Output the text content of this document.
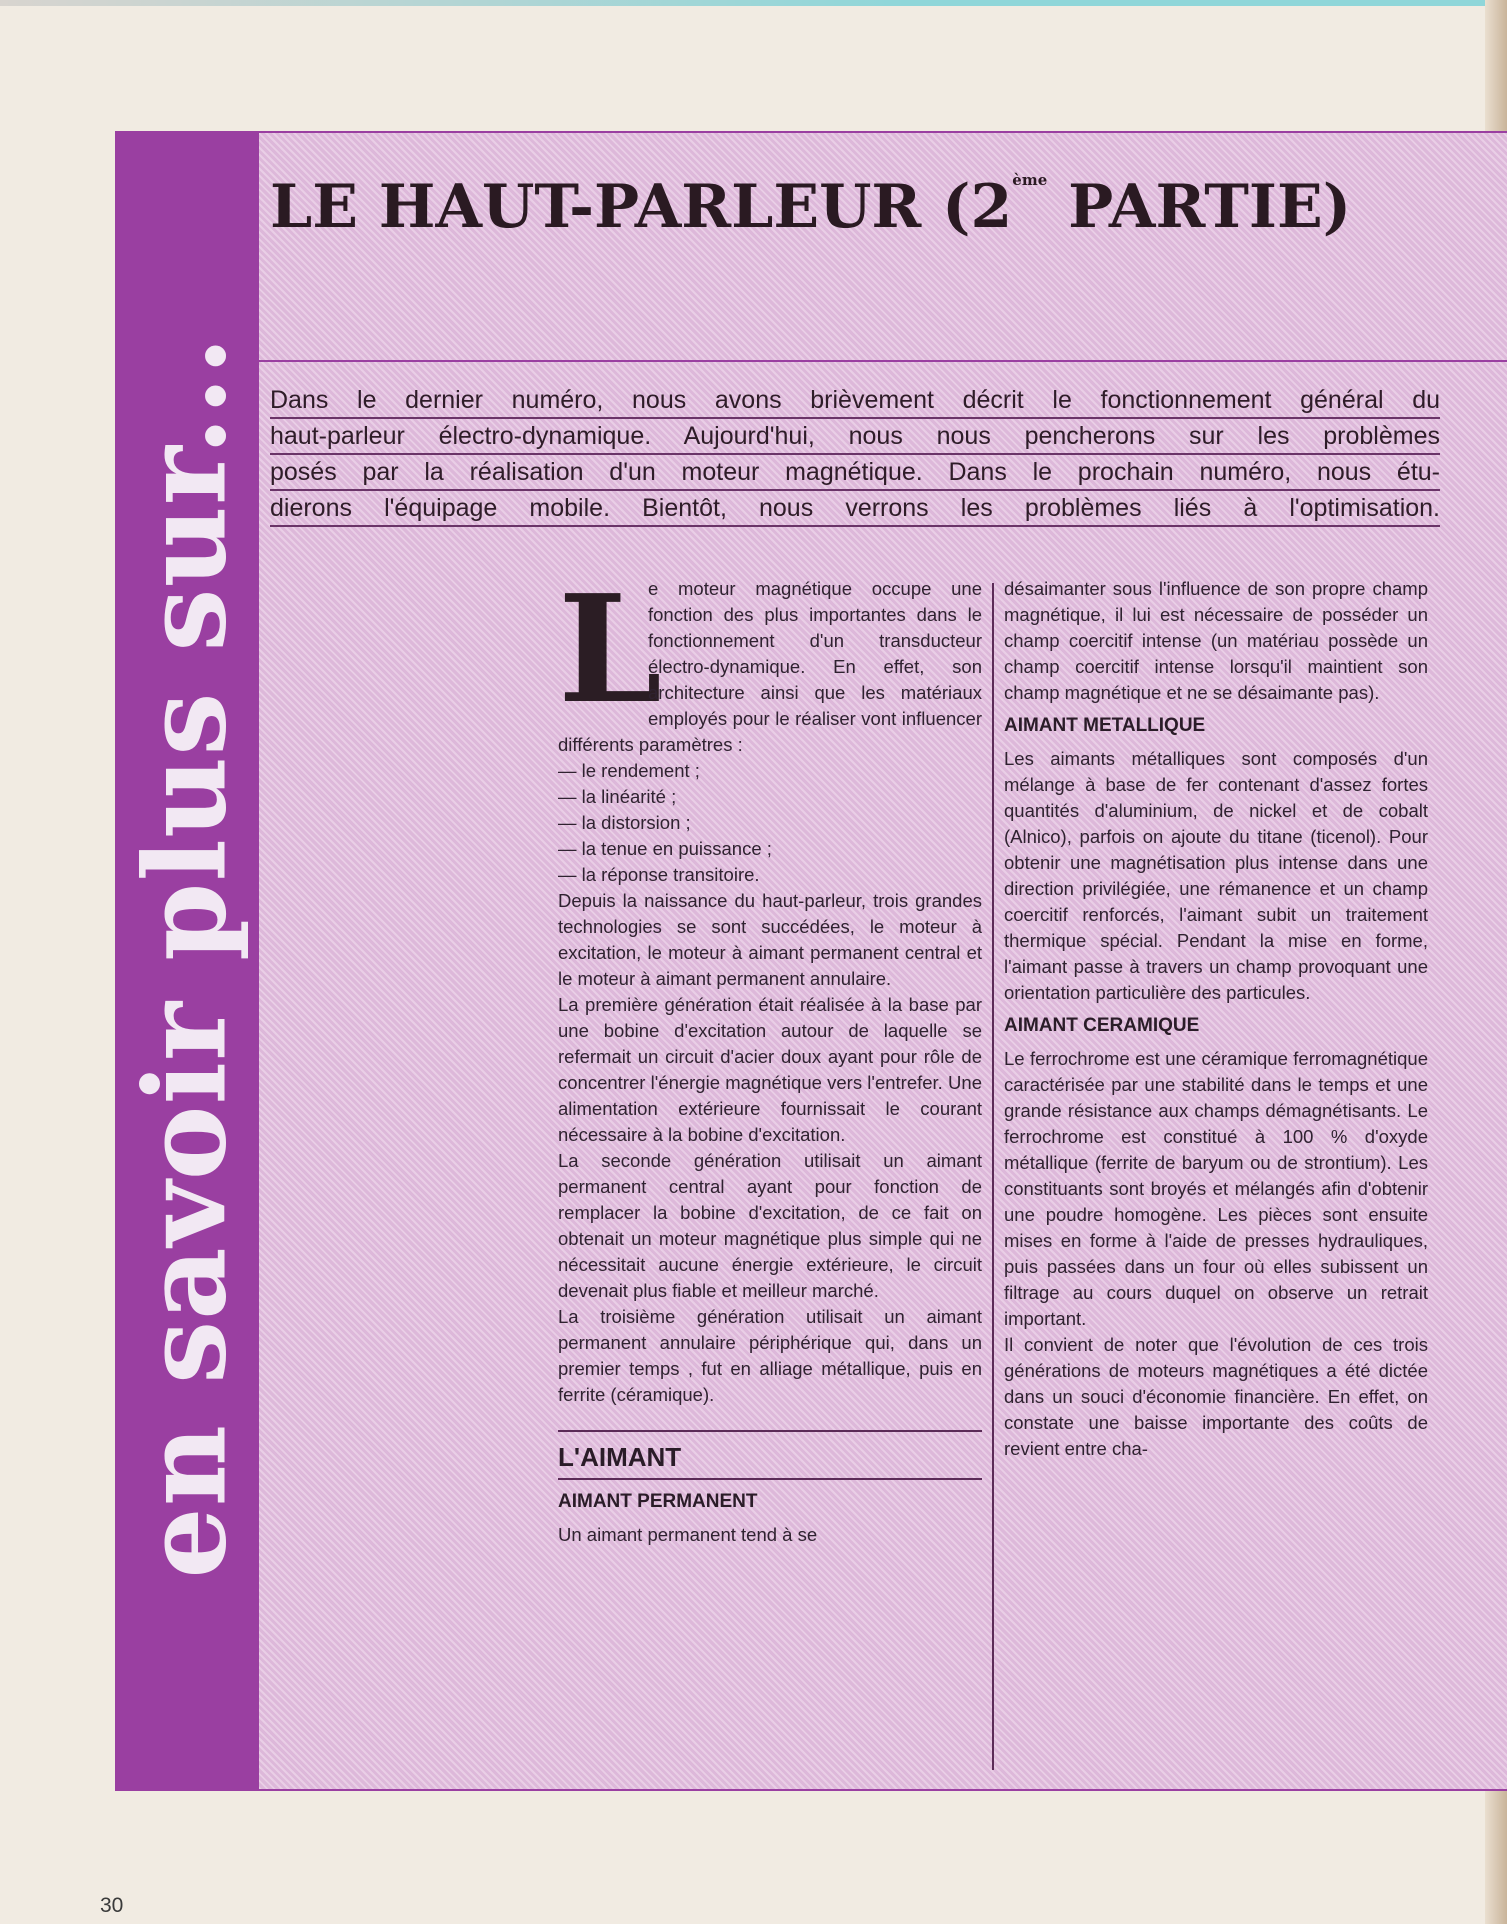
en savoir plus sur...
LE HAUT-PARLEUR (2ème PARTIE)
Dans le dernier numéro, nous avons brièvement décrit le fonctionnement général du
haut-parleur électro-dynamique. Aujourd'hui, nous nous pencherons sur les problèmes
posés par la réalisation d'un moteur magnétique. Dans le prochain numéro, nous étu-
dierons l'équipage mobile. Bientôt, nous verrons les problèmes liés à l'optimisation.
L

e moteur magnétique occupe une fonction des plus importantes dans le fonctionnement d'un transducteur électro-dynamique. En effet, son architecture ainsi que les matériaux employés pour le réaliser vont influencer différents paramètres :

— le rendement ;

— la linéarité ;

— la distorsion ;

— la tenue en puissance ;

— la réponse transitoire.

Depuis la naissance du haut-parleur, trois grandes technologies se sont succédées, le moteur à excitation, le moteur à aimant permanent central et le moteur à aimant permanent annulaire.

La première génération était réalisée à la base par une bobine d'excitation autour de laquelle se refermait un circuit d'acier doux ayant pour rôle de concentrer l'énergie magnétique vers l'entrefer. Une alimentation extérieure fournissait le courant nécessaire à la bobine d'excitation.

La seconde génération utilisait un aimant permanent central ayant pour fonction de remplacer la bobine d'excitation, de ce fait on obtenait un moteur magnétique plus simple qui ne nécessitait aucune énergie extérieure, le circuit devenait plus fiable et meilleur marché.

La troisième génération utilisait un aimant permanent annulaire périphérique qui, dans un premier temps , fut en alliage métallique, puis en ferrite (céramique).

L'AIMANT
AIMANT PERMANENT

Un aimant permanent tend à se

désaimanter sous l'influence de son propre champ magnétique, il lui est nécessaire de posséder un champ coercitif intense (un matériau possède un champ coercitif intense lorsqu'il maintient son champ magnétique et ne se désaimante pas).

AIMANT METALLIQUE

Les aimants métalliques sont composés d'un mélange à base de fer contenant d'assez fortes quantités d'aluminium, de nickel et de cobalt (Alnico), parfois on ajoute du titane (ticenol). Pour obtenir une magnétisation plus intense dans une direction privilégiée, une rémanence et un champ coercitif renforcés, l'aimant subit un traitement thermique spécial. Pendant la mise en forme, l'aimant passe à travers un champ provoquant une orientation particulière des particules.

AIMANT CERAMIQUE

Le ferrochrome est une céramique ferromagnétique caractérisée par une stabilité dans le temps et une grande résistance aux champs démagnétisants. Le ferrochrome est constitué à 100 % d'oxyde métallique (ferrite de baryum ou de strontium). Les constituants sont broyés et mélangés afin d'obtenir une poudre homogène. Les pièces sont ensuite mises en forme à l'aide de presses hydrauliques, puis passées dans un four où elles subissent un filtrage au cours duquel on observe un retrait important.

Il convient de noter que l'évolution de ces trois générations de moteurs magnétiques a été dictée dans un souci d'économie financière. En effet, on constate une baisse importante des coûts de revient entre cha-

30
